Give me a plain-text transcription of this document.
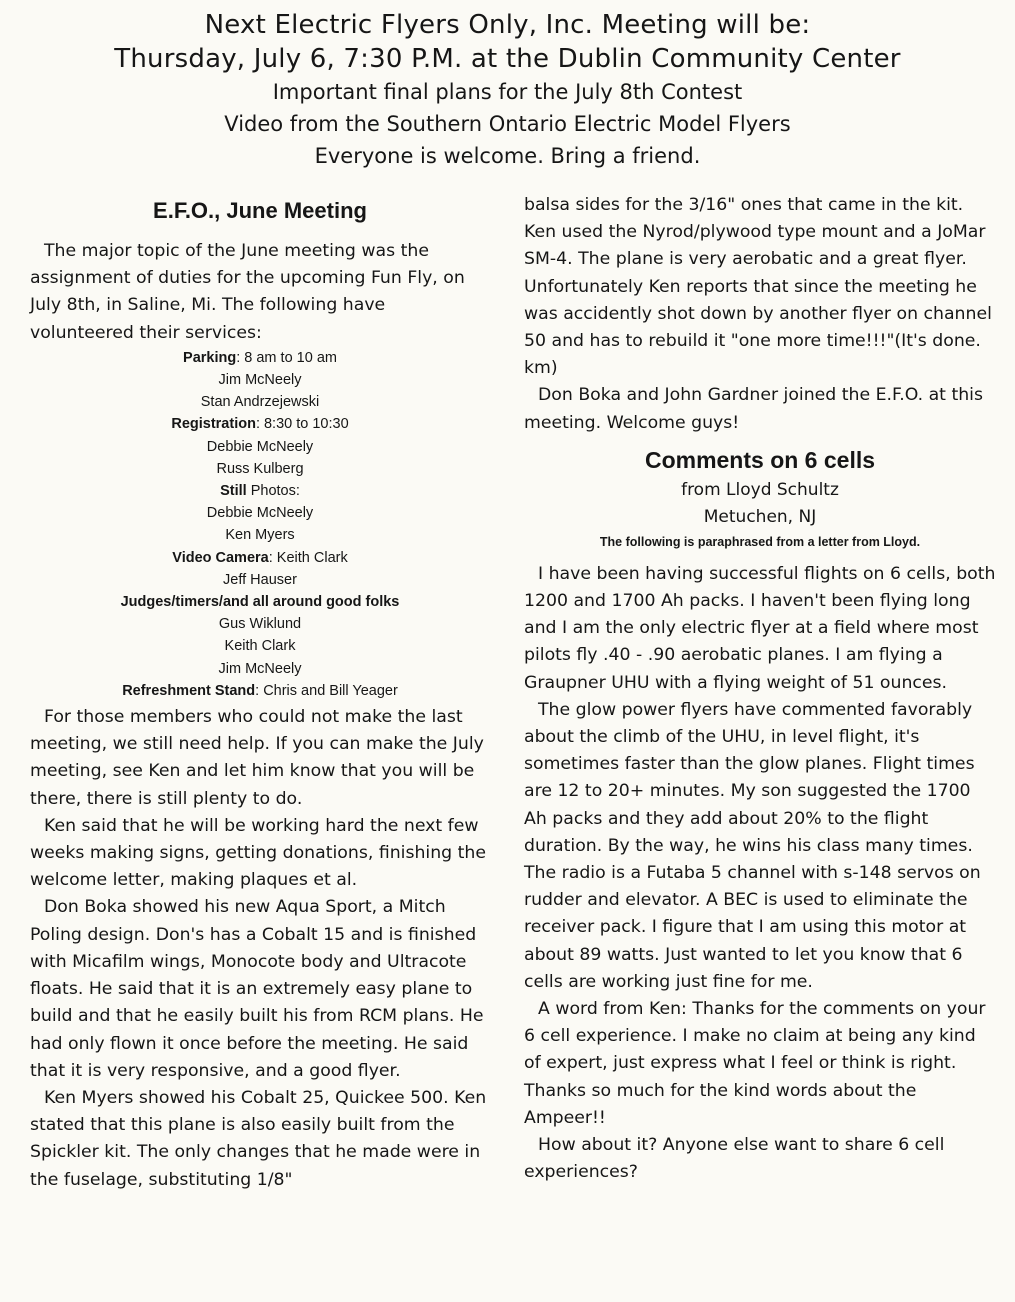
Next Electric Flyers Only, Inc. Meeting will be:
Thursday, July 6, 7:30 P.M. at the Dublin Community Center
Important final plans for the July 8th Contest
Video from the Southern Ontario Electric Model Flyers
Everyone is welcome. Bring a friend.
E.F.O., June Meeting

The major topic of the June meeting was the assignment of duties for the upcoming Fun Fly, on July 8th, in Saline, Mi. The following have volunteered their services:

Parking: 8 am to 10 am
Jim McNeely
Stan Andrzejewski
Registration: 8:30 to 10:30
Debbie McNeely
Russ Kulberg
Still Photos:
Debbie McNeely
Ken Myers
Video Camera: Keith Clark
Jeff Hauser
Judges/timers/and all around good folks
Gus Wiklund
Keith Clark
Jim McNeely
Refreshment Stand: Chris and Bill Yeager

For those members who could not make the last meeting, we still need help. If you can make the July meeting, see Ken and let him know that you will be there, there is still plenty to do.

Ken said that he will be working hard the next few weeks making signs, getting donations, finishing the welcome letter, making plaques et al.

Don Boka showed his new Aqua Sport, a Mitch Poling design. Don's has a Cobalt 15 and is finished with Micafilm wings, Monocote body and Ultracote floats. He said that it is an extremely easy plane to build and that he easily built his from RCM plans. He had only flown it once before the meeting. He said that it is very responsive, and a good flyer.

Ken Myers showed his Cobalt 25, Quickee 500. Ken stated that this plane is also easily built from the Spickler kit. The only changes that he made were in the fuselage, substituting 1/8"

balsa sides for the 3/16" ones that came in the kit. Ken used the Nyrod/plywood type mount and a JoMar SM-4. The plane is very aerobatic and a great flyer. Unfortunately Ken reports that since the meeting he was accidently shot down by another flyer on channel 50 and has to rebuild it "one more time!!!"(It's done. km)

Don Boka and John Gardner joined the E.F.O. at this meeting. Welcome guys!

Comments on 6 cells
from Lloyd Schultz
Metuchen, NJ
The following is paraphrased from a letter from Lloyd.

I have been having successful flights on 6 cells, both 1200 and 1700 Ah packs. I haven't been flying long and I am the only electric flyer at a field where most pilots fly .40 - .90 aerobatic planes. I am flying a Graupner UHU with a flying weight of 51 ounces.

The glow power flyers have commented favorably about the climb of the UHU, in level flight, it's sometimes faster than the glow planes. Flight times are 12 to 20+ minutes. My son suggested the 1700 Ah packs and they add about 20% to the flight duration. By the way, he wins his class many times. The radio is a Futaba 5 channel with s-148 servos on rudder and elevator. A BEC is used to eliminate the receiver pack. I figure that I am using this motor at about 89 watts. Just wanted to let you know that 6 cells are working just fine for me.

A word from Ken: Thanks for the comments on your 6 cell experience. I make no claim at being any kind of expert, just express what I feel or think is right. Thanks so much for the kind words about the Ampeer!!

How about it? Anyone else want to share 6 cell experiences?
